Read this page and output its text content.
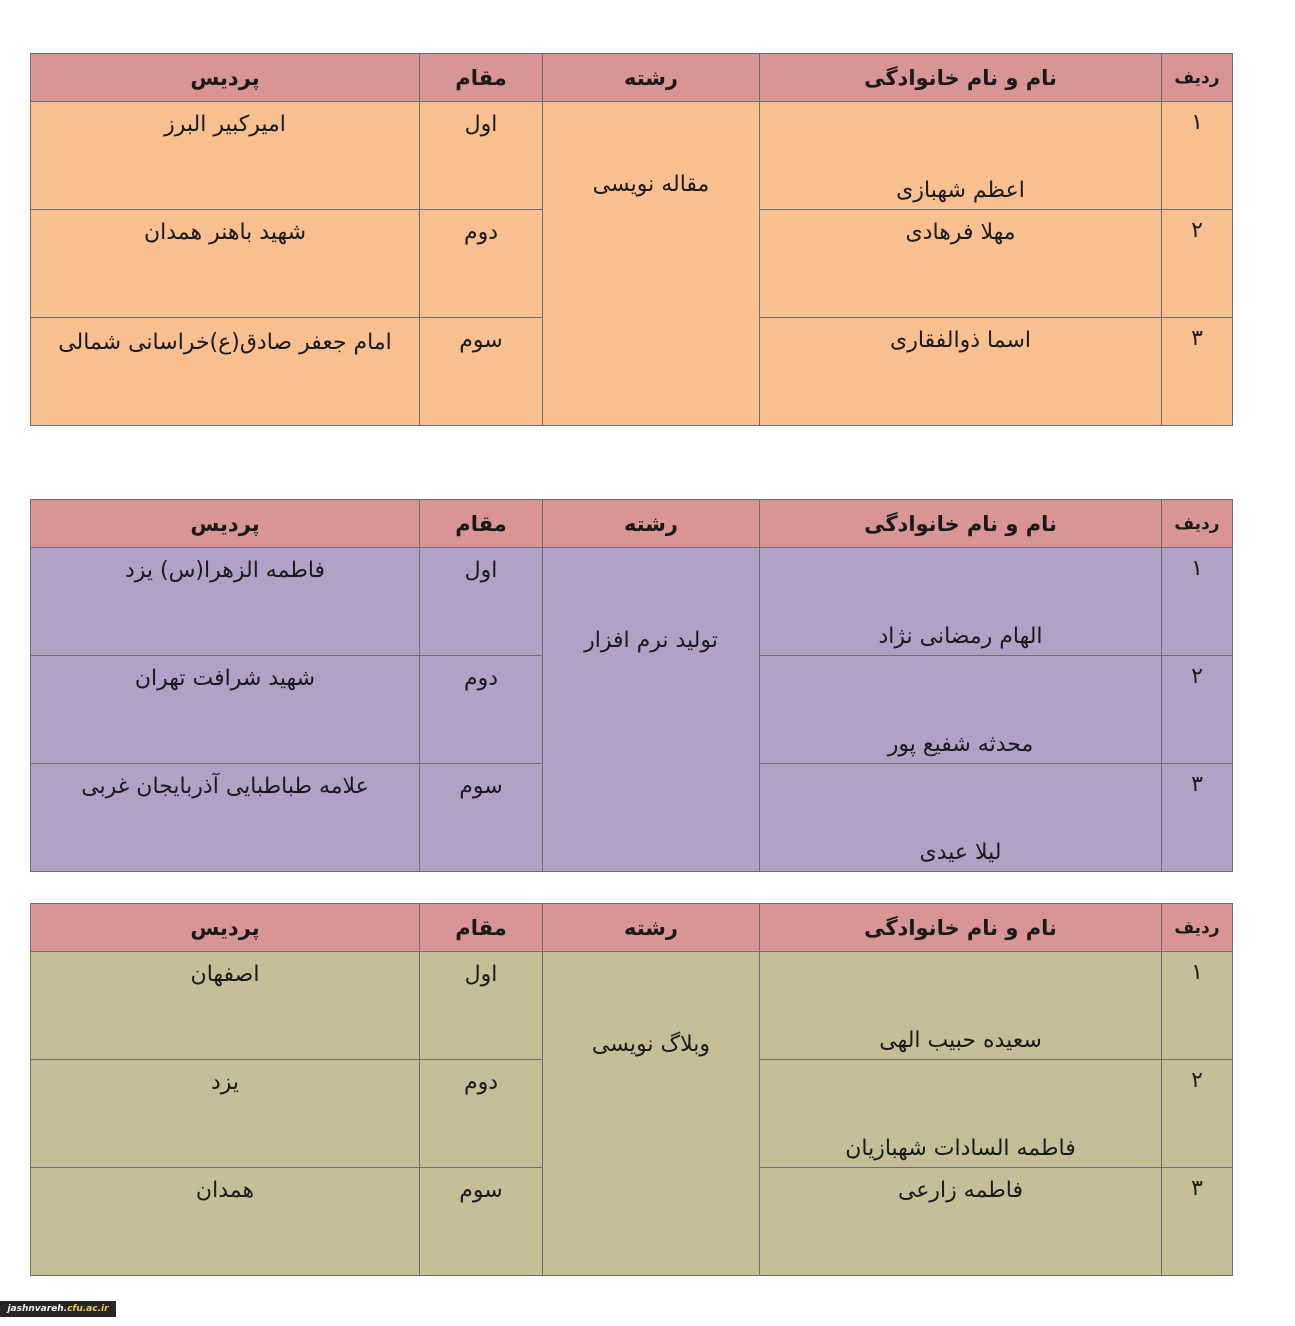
ردیف	نام و نام خانوادگی	رشته	مقام	پردیس
۱	اعظم شهبازی	مقاله نویسی	اول	امیرکبیر البرز
۲	مهلا فرهادی		دوم	شهید باهنر همدان
۳	اسما ذوالفقاری		سوم	امام جعفر صادق(ع)خراسانی شمالی
ردیف	نام و نام خانوادگی	رشته	مقام	پردیس
۱	الهام رمضانی نژاد	تولید نرم افزار	اول	فاطمه الزهرا(س) یزد
۲	محدثه شفیع پور		دوم	شهید شرافت تهران
۳	لیلا عیدی		سوم	علامه طباطبایی آذربایجان غربی
ردیف	نام و نام خانوادگی	رشته	مقام	پردیس
۱	سعیده حبیب الهی	وبلاگ نویسی	اول	اصفهان
۲	فاطمه السادات شهبازیان		دوم	یزد
۳	فاطمه زارعی		سوم	همدان
jashnvareh.cfu.ac.ir
